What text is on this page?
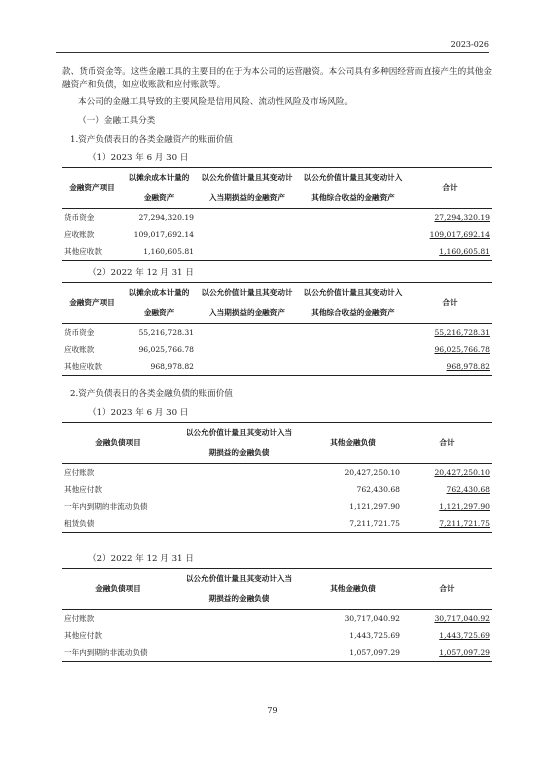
2023-026

款、货币资金等。这些金融工具的主要目的在于为本公司的运营融资。本公司具有多种因经营而直接产生的其他金融资产和负债，如应收账款和应付账款等。

本公司的金融工具导致的主要风险是信用风险、流动性风险及市场风险。

（一）金融工具分类
1.资产负债表日的各类金融资产的账面价值
（1）2023 年 6 月 30 日
金融资产项目	以摊余成本计量的	以公允价值计量且其变动计	以公允价值计量且其变动计入	合计
	金融资产	入当期损益的金融资产	其他综合收益的金融资产	
货币资金	27,294,320.19			27,294,320.19
应收账款	109,017,692.14			109,017,692.14
其他应收款	1,160,605.81			1,160,605.81
（2）2022 年 12 月 31 日
金融资产项目	以摊余成本计量的	以公允价值计量且其变动计	以公允价值计量且其变动计入	合计
	金融资产	入当期损益的金融资产	其他综合收益的金融资产	
货币资金	55,216,728.31			55,216,728.31
应收账款	96,025,766.78			96,025,766.78
其他应收款	968,978.82			968,978.82
2.资产负债表日的各类金融负债的账面价值
（1）2023 年 6 月 30 日
金融负债项目	以公允价值计量且其变动计入当	其他金融负债	合计
	期损益的金融负债		
应付账款		20,427,250.10	20,427,250.10
其他应付款		762,430.68	762,430.68
一年内到期的非流动负债		1,121,297.90	1,121,297.90
租赁负债		7,211,721.75	7,211,721.75
（2）2022 年 12 月 31 日
金融负债项目	以公允价值计量且其变动计入当	其他金融负债	合计
	期损益的金融负债		
应付账款		30,717,040.92	30,717,040.92
其他应付款		1,443,725.69	1,443,725.69
一年内到期的非流动负债		1,057,097.29	1,057,097.29
79
